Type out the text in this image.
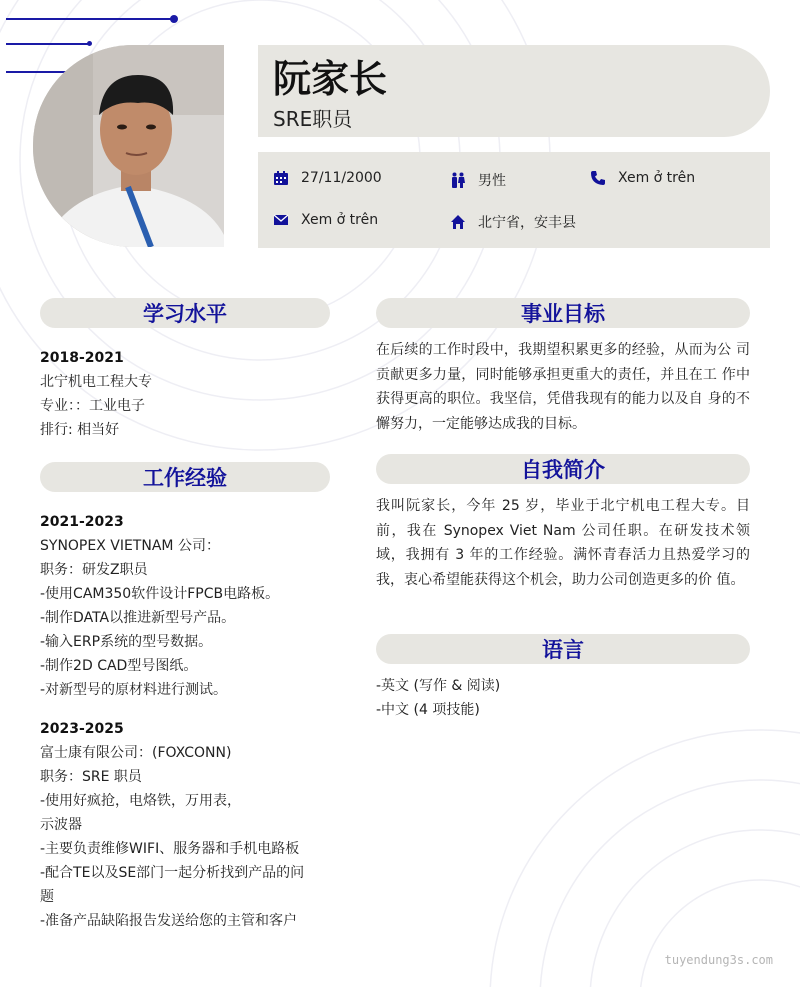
阮家长
SRE职员
27/11/2000	男性	Xem ở trên
Xem ở trên	北宁省，安丰县
学习水平
2018-2021
北宁机电工程大专
专业：：工业电子
排行: 相当好
工作经验
2021-2023
SYNOPEX VIETNAM 公司：
职务：研发Z职员
-使用CAM350软件设计FPCB电路板。
-制作DATA以推进新型号产品。
-输入ERP系统的型号数据。
-制作2D CAD型号图纸。
-对新型号的原材料进行测试。
2023-2025
富士康有限公司：(FOXCONN)
职务：SRE 职员
-使用好疯抢，电烙铁，万用表，
示波器
-主要负责维修WIFI、服务器和手机电路板
-配合TE以及SE部门一起分析找到产品的问
题
-准备产品缺陷报告发送给您的主管和客户
事业目标
在后续的工作时段中，我期望积累更多的经验，从而为公 司 贡献更多力量，同时能够承担更重大的责任，并且在工 作中获得更高的职位。我坚信，凭借我现有的能力以及自 身的不懈努力，一定能够达成我的目标。
自我简介
我叫阮家长，今年 25 岁，毕业于北宁机电工程大专。目前，我在 Synopex Viet Nam 公司任职。在研发技术领域，我拥有 3 年的工作经验。满怀青春活力且热爱学习的我，衷心希望能获得这个机会，助力公司创造更多的价 值。
语言
-英文 (写作 & 阅读)
-中文 (4 项技能)
tuyendung3s.com
